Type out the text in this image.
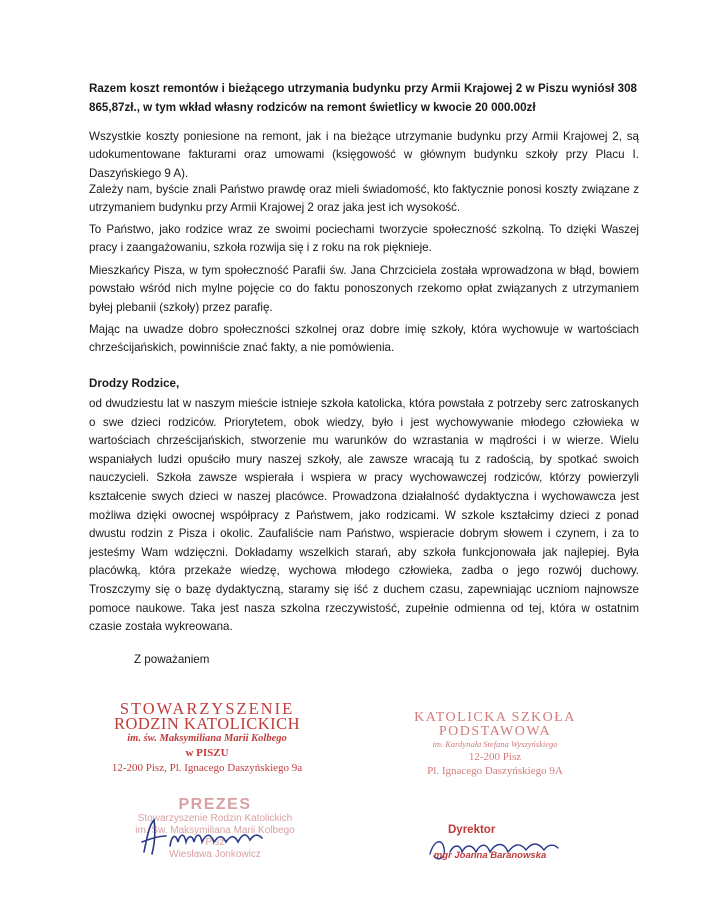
Razem koszt remontów i bieżącego utrzymania budynku przy Armii Krajowej 2 w Piszu wyniósł 308 865,87zł., w tym wkład własny rodziców na remont świetlicy w kwocie 20 000.00zł
Wszystkie koszty poniesione na remont, jak i na bieżące utrzymanie budynku przy Armii Krajowej 2, są udokumentowane fakturami oraz umowami (księgowość w głównym budynku szkoły przy Placu I. Daszyńskiego 9 A).
Zależy nam, byście znali Państwo prawdę oraz mieli świadomość, kto faktycznie ponosi koszty związane z utrzymaniem budynku przy Armii Krajowej 2 oraz jaka jest ich wysokość.
To Państwo, jako rodzice wraz ze swoimi pociechami tworzycie społeczność szkolną. To dzięki Waszej pracy i zaangażowaniu, szkoła rozwija się i z roku na rok pięknieje.
Mieszkańcy Pisza, w tym społeczność Parafii św. Jana Chrzciciela została wprowadzona w błąd, bowiem powstało wśród nich mylne pojęcie co do faktu ponoszonych rzekomo opłat związanych z utrzymaniem byłej plebanii (szkoły) przez parafię.
Mając na uwadze dobro społeczności szkolnej oraz dobre imię szkoły, która wychowuje w wartościach chrześcijańskich, powinniście znać fakty, a nie pomówienia.
Drodzy Rodzice,
od dwudziestu lat w naszym mieście istnieje szkoła katolicka, która powstała z potrzeby serc zatroskanych o swe dzieci rodziców. Priorytetem, obok wiedzy, było i jest wychowywanie młodego człowieka w wartościach chrześcijańskich, stworzenie mu warunków do wzrastania w mądrości i w wierze. Wielu wspaniałych ludzi opuściło mury naszej szkoły, ale zawsze wracają tu z radością, by spotkać swoich nauczycieli. Szkoła zawsze wspierała i wspiera w pracy wychowawczej rodziców, którzy powierzyli kształcenie swych dzieci w naszej placówce. Prowadzona działalność dydaktyczna i wychowawcza jest możliwa dzięki owocnej współpracy z Państwem, jako rodzicami. W szkole kształcimy dzieci z ponad dwustu rodzin z Pisza i okolic. Zaufaliście nam Państwo, wspieracie dobrym słowem i czynem, i za to jesteśmy Wam wdzięczni. Dokładamy wszelkich starań, aby szkoła funkcjonowała jak najlepiej. Była placówką, która przekaże wiedzę, wychowa młodego człowieka, zadba o jego rozwój duchowy. Troszczymy się o bazę dydaktyczną, staramy się iść z duchem czasu, zapewniając uczniom najnowsze pomoce naukowe. Taka jest nasza szkolna rzeczywistość, zupełnie odmienna od tej, która w ostatnim czasie została wykreowana.
Z poważaniem
STOWARZYSZENIE
RODZIN KATOLICKICH
im. św. Maksymiliana Marii Kolbego
w PISZU
12-200 Pisz, Pl. Ignacego Daszyńskiego 9a
KATOLICKA SZKOŁA
PODSTAWOWA
im. Kardynała Stefana Wyszyńskiego
12-200 Pisz
Pl. Ignacego Daszyńskiego 9A
PREZES
Stowarzyszenie Rodzin Katolickich
im. Św. Maksymiliana Marii Kolbego
Pisz
Wiesława Jonkowicz
Dyrektor
mgr Joanna Baranowska
